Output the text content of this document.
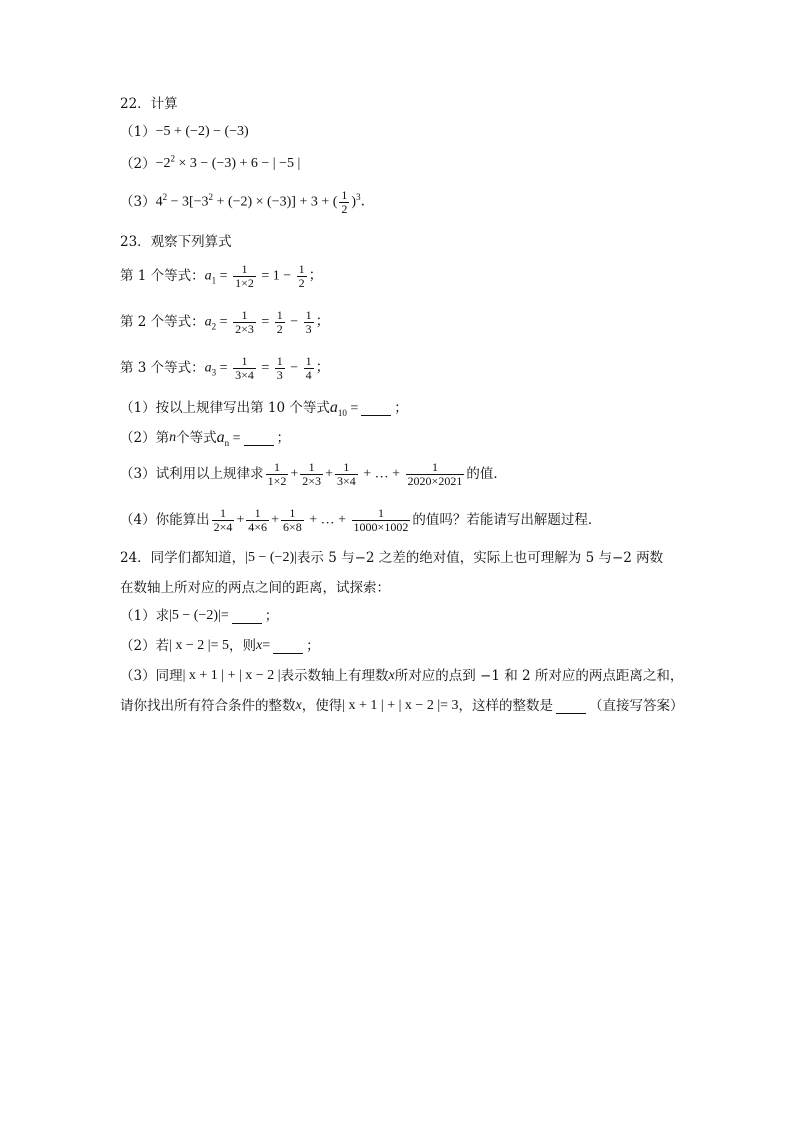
22．计算
（1） −5 + (−2) − (−3)
$(2) -2^2 \times 3 - (-3) + 6$ − | −5 |
（3） $4^2 - 3[-3^2 + (-2) \times (-3)] + 3$ + ( $\frac{1}{2} )^3$．
23．观察下列算式
第 1 个等式： $a_1 = \frac{1}{1\times 2} = 1 - \frac{1}{2}$ ；
第 2 个等式： $a_2 = \frac{1}{2\times 3} = \frac{1}{2} - \frac{1}{3}$ ；
第 3 个等式： $a_3 = \frac{1}{3\times 4} = \frac{1}{3} - \frac{1}{4}$ ；
（1）按以上规律写出第 10 个等式 $a_{10}$ =	；
（2）第 n 个等式 $a_n$ =	；
（3）试利用以上规律求 $\frac{1}{1\times 2} + \frac{1}{2\times 3} + \frac{1}{3\times 4}$ + … + $\frac{1}{2020\times 2021}$ 的值．
（4）你能算出 $\frac{1}{2\times 4} + \frac{1}{4\times 6} + \frac{1}{6\times 8}$ + … + $\frac{1}{1000\times 1002}$ 的值吗？若能请写出解题过程．
24．同学们都知道， |5 − (−2)| 表示 5 与−2 之差的绝对值，实际上也可理解为 5 与−2 两数
在数轴上所对应的两点之间的距离，试探索：
（1）求 |5 − (−2)|=	；
（2）若 | x − 2 |= 5 ，则 x =	；
（3）同理 | x + 1 | + | x − 2 | 表示数轴上有理数 x 所对应的点到 −1 和 2 所对应的两点距离之和，
请你找出所有符合条件的整数 x ，使得 | x + 1 | + | x − 2 |= 3 ，这样的整数是	（直接写答案）
